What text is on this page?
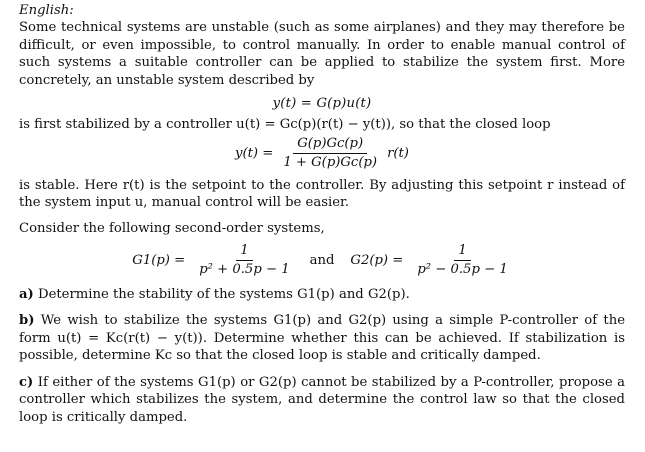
English:

Some technical systems are unstable (such as some airplanes) and they may therefore be difficult, or even impossible, to control manually. In order to enable manual control of such systems a suitable controller can be applied to stabilize the system first. More concretely, an unstable system described by

y(t) = G(p)u(t)

is first stabilized by a controller u(t) = Gc(p)(r(t) − y(t)), so that the closed loop

$y(t) = \frac{G(p)Gc(p)}{1 + G(p)Gc(p)} r(t)$

is stable. Here r(t) is the setpoint to the controller. By adjusting this setpoint r instead of the system input u, manual control will be easier.

Consider the following second-order systems,

$G1(p) = \frac{1}{\text{p² + 0.5p − 1}}$ and $G2(p) = \frac{1}{\text{p² − 0.5p − 1}}$

a) Determine the stability of the systems G1(p) and G2(p).

b) We wish to stabilize the systems G1(p) and G2(p) using a simple P-controller of the form u(t) = Kc(r(t) − y(t)). Determine whether this can be achieved. If stabilization is possible, determine Kc so that the closed loop is stable and critically damped.

c) If either of the systems G1(p) or G2(p) cannot be stabilized by a P-controller, propose a controller which stabilizes the system, and determine the control law so that the closed loop is critically damped.
